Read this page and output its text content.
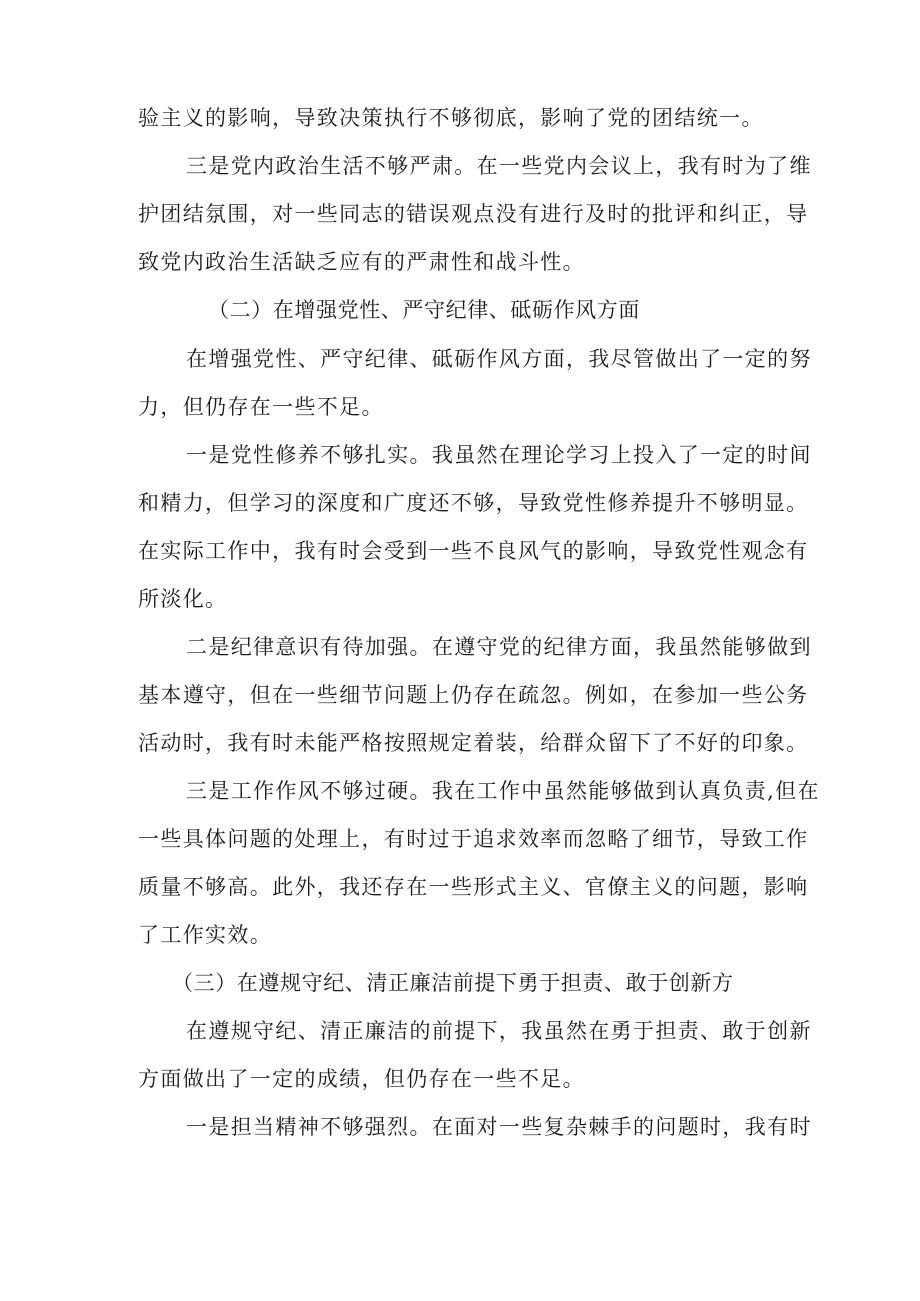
验主义的影响，导致决策执行不够彻底，影响了党的团结统一。
三是党内政治生活不够严肃。在一些党内会议上，我有时为了维
护团结氛围，对一些同志的错误观点没有进行及时的批评和纠正，导
致党内政治生活缺乏应有的严肃性和战斗性。
（二）在增强党性、严守纪律、砥砺作风方面
在增强党性、严守纪律、砥砺作风方面，我尽管做出了一定的努
力，但仍存在一些不足。
一是党性修养不够扎实。我虽然在理论学习上投入了一定的时间
和精力，但学习的深度和广度还不够，导致党性修养提升不够明显。
在实际工作中，我有时会受到一些不良风气的影响，导致党性观念有
所淡化。
二是纪律意识有待加强。在遵守党的纪律方面，我虽然能够做到
基本遵守，但在一些细节问题上仍存在疏忽。例如，在参加一些公务
活动时，我有时未能严格按照规定着装，给群众留下了不好的印象。
三是工作作风不够过硬。我在工作中虽然能够做到认真负责,但在
一些具体问题的处理上，有时过于追求效率而忽略了细节，导致工作
质量不够高。此外，我还存在一些形式主义、官僚主义的问题，影响
了工作实效。
（三）在遵规守纪、清正廉洁前提下勇于担责、敢于创新方
在遵规守纪、清正廉洁的前提下，我虽然在勇于担责、敢于创新
方面做出了一定的成绩，但仍存在一些不足。
一是担当精神不够强烈。在面对一些复杂棘手的问题时，我有时
